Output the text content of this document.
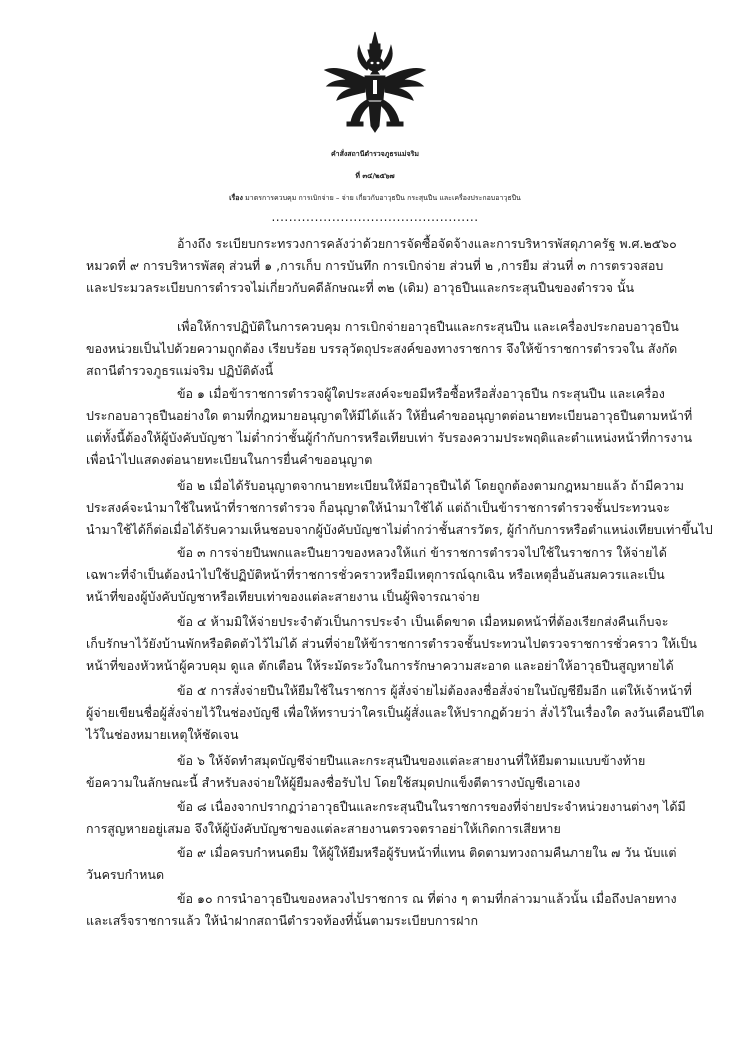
คำสั่งสถานีตำรวจภูธรแม่จริม
ที่ ๓๔/๒๕๖๗
เรื่อง มาตรการควบคุม การเบิกจ่าย – จ่าย เกี่ยวกับอาวุธปืน กระสุนปืน และเครื่องประกอบอาวุธปืน
................................................
อ้างถึง ระเบียบกระทรวงการคลังว่าด้วยการจัดซื้อจัดจ้างและการบริหารพัสดุภาครัฐ พ.ศ.๒๕๖๐
หมวดที่ ๙ การบริหารพัสดุ ส่วนที่ ๑ ,การเก็บ การบันทึก การเบิกจ่าย ส่วนที่ ๒ ,การยืม ส่วนที่ ๓ การตรวจสอบ
และประมวลระเบียบการตำรวจไม่เกี่ยวกับคดีลักษณะที่ ๓๒ (เดิม) อาวุธปืนและกระสุนปืนของตำรวจ นั้น
เพื่อให้การปฏิบัติในการควบคุม การเบิกจ่ายอาวุธปืนและกระสุนปืน และเครื่องประกอบอาวุธปืน
ของหน่วยเป็นไปด้วยความถูกต้อง เรียบร้อย บรรลุวัตถุประสงค์ของทางราชการ จึงให้ข้าราชการตำรวจใน สังกัด
สถานีตำรวจภูธรแม่จริม ปฏิบัติดังนี้
ข้อ ๑ เมื่อข้าราชการตำรวจผู้ใดประสงค์จะขอมีหรือซื้อหรือสั่งอาวุธปืน กระสุนปืน และเครื่อง
ประกอบอาวุธปืนอย่างใด ตามที่กฎหมายอนุญาตให้มีได้แล้ว ให้ยื่นคำขออนุญาตต่อนายทะเบียนอาวุธปืนตามหน้าที่
แต่ทั้งนี้ต้องให้ผู้บังคับบัญชา ไม่ต่ำกว่าชั้นผู้กำกับการหรือเทียบเท่า รับรองความประพฤติและตำแหน่งหน้าที่การงาน
เพื่อนำไปแสดงต่อนายทะเบียนในการยื่นคำขออนุญาต
ข้อ ๒ เมื่อได้รับอนุญาตจากนายทะเบียนให้มีอาวุธปืนได้ โดยถูกต้องตามกฎหมายแล้ว ถ้ามีความ
ประสงค์จะนำมาใช้ในหน้าที่ราชการตำรวจ ก็อนุญาตให้นำมาใช้ได้ แต่ถ้าเป็นข้าราชการตำรวจชั้นประทวนจะ
นำมาใช้ได้ก็ต่อเมื่อได้รับความเห็นชอบจากผู้บังคับบัญชาไม่ต่ำกว่าชั้นสารวัตร, ผู้กำกับการหรือตำแหน่งเทียบเท่าขึ้นไป
ข้อ ๓ การจ่ายปืนพกและปืนยาวของหลวงให้แก่ ข้าราชการตำรวจไปใช้ในราชการ ให้จ่ายได้
เฉพาะที่จำเป็นต้องนำไปใช้ปฏิบัติหน้าที่ราชการชั่วคราวหรือมีเหตุการณ์ฉุกเฉิน หรือเหตุอื่นอันสมควรและเป็น
หน้าที่ของผู้บังคับบัญชาหรือเทียบเท่าของแต่ละสายงาน เป็นผู้พิจารณาจ่าย
ข้อ ๔ ห้ามมิให้จ่ายประจำตัวเป็นการประจำ เป็นเด็ดขาด เมื่อหมดหน้าที่ต้องเรียกส่งคืนเก็บจะ
เก็บรักษาไว้ยังบ้านพักหรือติดตัวไว้ไม่ได้ ส่วนที่จ่ายให้ข้าราชการตำรวจชั้นประทวนไปตรวจราชการชั่วคราว ให้เป็น
หน้าที่ของหัวหน้าผู้ควบคุม ดูแล ตักเตือน ให้ระมัดระวังในการรักษาความสะอาด และอย่าให้อาวุธปืนสูญหายได้
ข้อ ๕ การสั่งจ่ายปืนให้ยืมใช้ในราชการ ผู้สั่งจ่ายไม่ต้องลงชื่อสั่งจ่ายในบัญชียืมอีก แต่ให้เจ้าหน้าที่
ผู้จ่ายเขียนชื่อผู้สั่งจ่ายไว้ในช่องบัญชี เพื่อให้ทราบว่าใครเป็นผู้สั่งและให้ปรากฏด้วยว่า สั่งไว้ในเรื่องใด ลงวันเดือนปีไต
ไว้ในช่องหมายเหตุให้ชัดเจน
ข้อ ๖ ให้จัดทำสมุดบัญชีจ่ายปืนและกระสุนปืนของแต่ละสายงานที่ให้ยืมตามแบบข้างท้าย
ข้อความในลักษณะนี้ สำหรับลงจ่ายให้ผู้ยืมลงชื่อรับไป โดยใช้สมุดปกแข็งตีตารางบัญชีเอาเอง
ข้อ ๘ เนื่องจากปรากฏว่าอาวุธปืนและกระสุนปืนในราชการของที่จ่ายประจำหน่วยงานต่างๆ ได้มี
การสูญหายอยู่เสมอ จึงให้ผู้บังคับบัญชาของแต่ละสายงานตรวจตราอย่าให้เกิดการเสียหาย
ข้อ ๙ เมื่อครบกำหนดยืม ให้ผู้ให้ยืมหรือผู้รับหน้าที่แทน ติดตามทวงถามคืนภายใน ๗ วัน นับแต่
วันครบกำหนด
ข้อ ๑๐ การนำอาวุธปืนของหลวงไปราชการ ณ ที่ต่าง ๆ ตามที่กล่าวมาแล้วนั้น เมื่อถึงปลายทาง
และเสร็จราชการแล้ว ให้นำฝากสถานีตำรวจท้องที่นั้นตามระเบียบการฝาก
